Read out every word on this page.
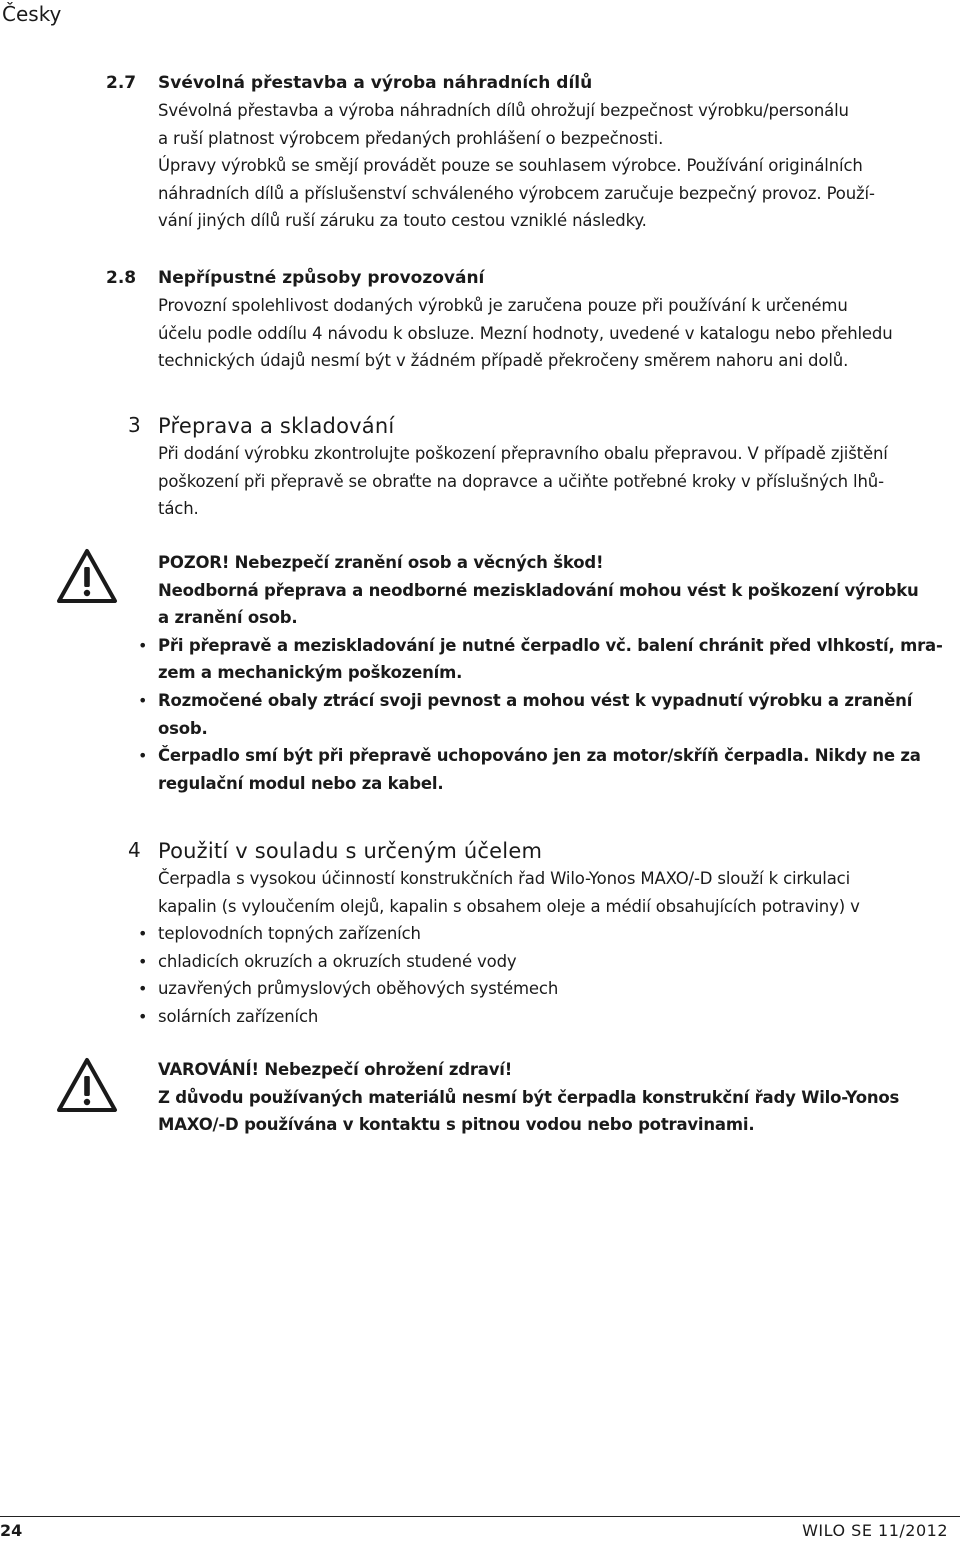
Česky
2.7 Svévolná přestavba a výroba náhradních dílů

Svévolná přestavba a výroba náhradních dílů ohrožují bezpečnost výrobku/personálu

a ruší platnost výrobcem předaných prohlášení o bezpečnosti.

Úpravy výrobků se smějí provádět pouze se souhlasem výrobce. Používání originálních

náhradních dílů a příslušenství schváleného výrobcem zaručuje bezpečný provoz. Použí-

vání jiných dílů ruší záruku za touto cestou vzniklé následky.

2.8 Nepřípustné způsoby provozování

Provozní spolehlivost dodaných výrobků je zaručena pouze při používání k určenému

účelu podle oddílu 4 návodu k obsluze. Mezní hodnoty, uvedené v katalogu nebo přehledu

technických údajů nesmí být v žádném případě překročeny směrem nahoru ani dolů.

3 Přeprava a skladování

Při dodání výrobku zkontrolujte poškození přepravního obalu přepravou. V případě zjištění

poškození při přepravě se obraťte na dopravce a učiňte potřebné kroky v příslušných lhů-

tách.

POZOR! Nebezpečí zranění osob a věcných škod!

Neodborná přeprava a neodborné meziskladování mohou vést k poškození výrobku

a zranění osob.

• Při přepravě a meziskladování je nutné čerpadlo vč. balení chránit před vlhkostí, mra-

zem a mechanickým poškozením.

• Rozmočené obaly ztrácí svoji pevnost a mohou vést k vypadnutí výrobku a zranění

osob.

• Čerpadlo smí být při přepravě uchopováno jen za motor/skříň čerpadla. Nikdy ne za

regulační modul nebo za kabel.

4 Použití v souladu s určeným účelem

Čerpadla s vysokou účinností konstrukčních řad Wilo-Yonos MAXO/-D slouží k cirkulaci

kapalin (s vyloučením olejů, kapalin s obsahem oleje a médií obsahujících potraviny) v

• teplovodních topných zařízeních

• chladicích okruzích a okruzích studené vody

• uzavřených průmyslových oběhových systémech

• solárních zařízeních

VAROVÁNÍ! Nebezpečí ohrožení zdraví!

Z důvodu používaných materiálů nesmí být čerpadla konstrukční řady Wilo-Yonos

MAXO/-D používána v kontaktu s pitnou vodou nebo potravinami.

24	WILO SE 11/2012
